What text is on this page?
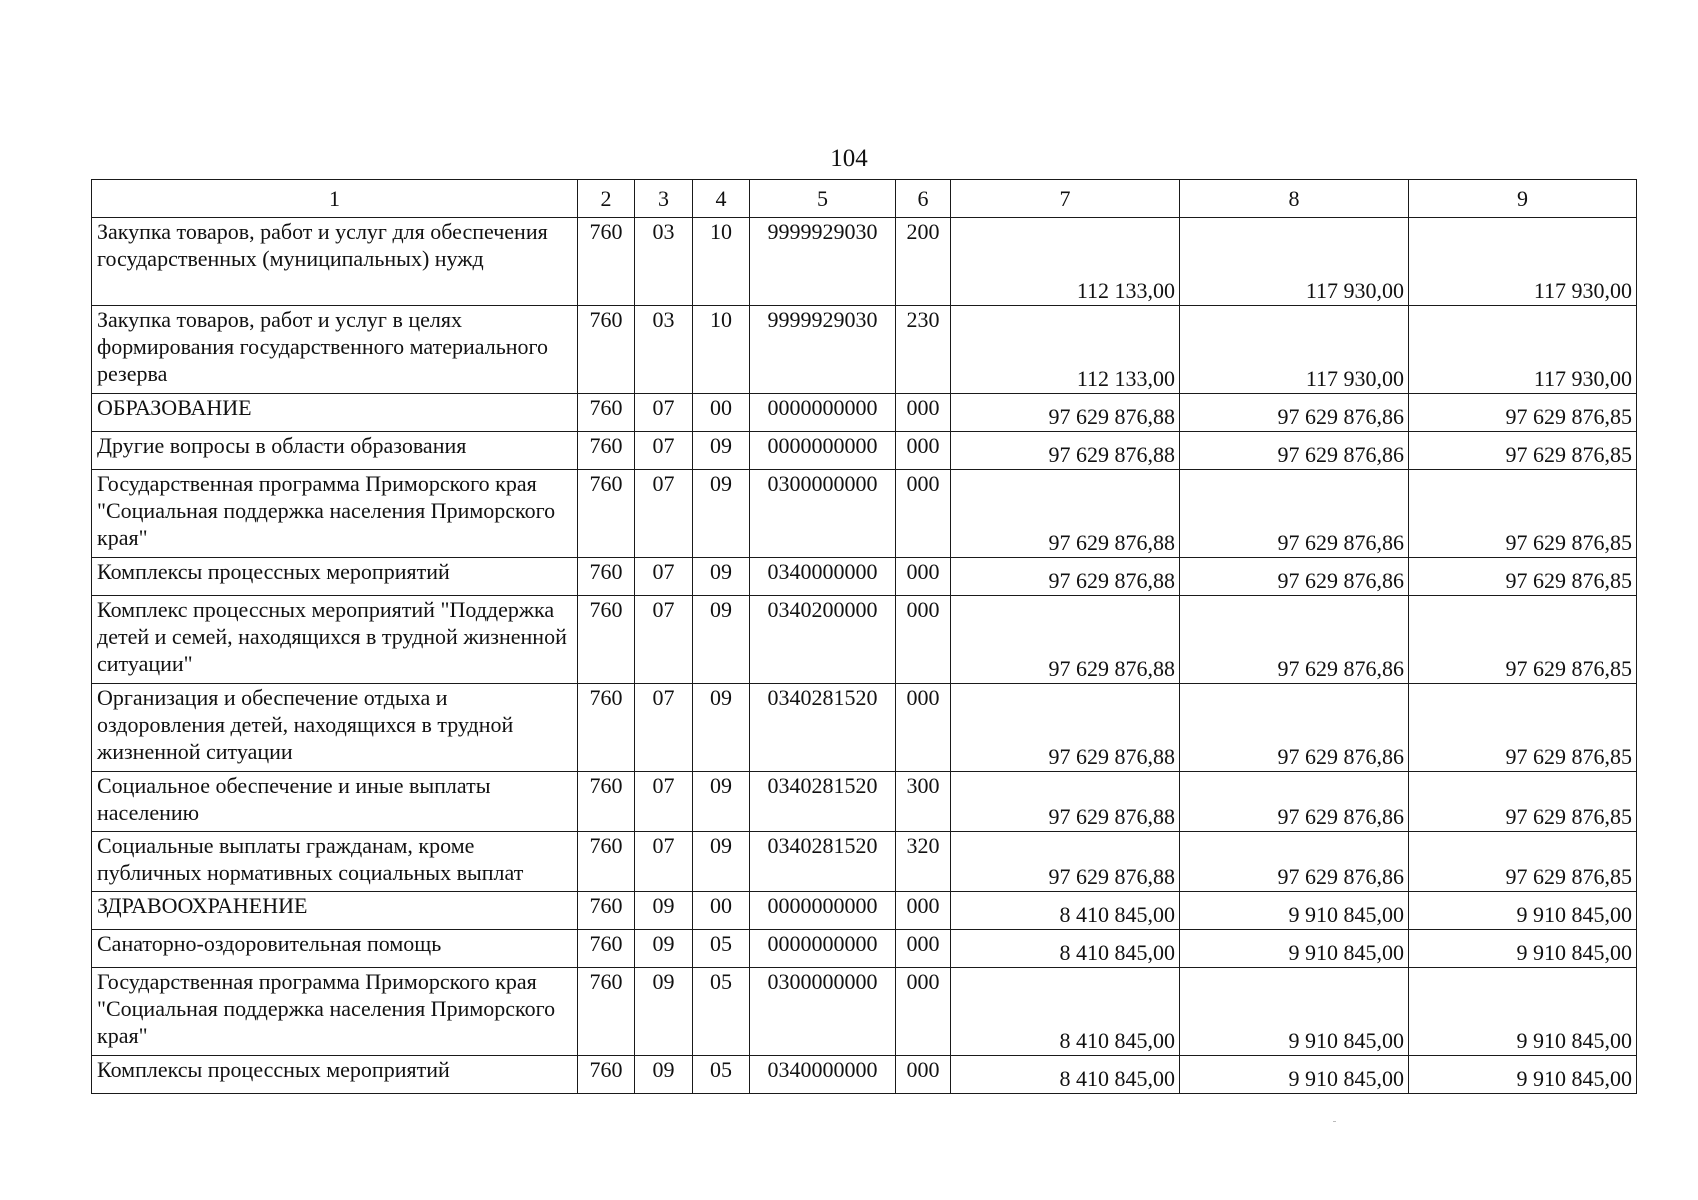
104
1	2	3	4	5	6	7	8	9
Закупка товаров, работ и услуг для обеспечения государственных (муниципальных) нужд	760	03	10	9999929030	200	112 133,00	117 930,00	117 930,00
Закупка товаров, работ и услуг в целях формирования государственного материального резерва	760	03	10	9999929030	230	112 133,00	117 930,00	117 930,00
ОБРАЗОВАНИЕ	760	07	00	0000000000	000	97 629 876,88	97 629 876,86	97 629 876,85
Другие вопросы в области образования	760	07	09	0000000000	000	97 629 876,88	97 629 876,86	97 629 876,85
Государственная программа Приморского края "Социальная поддержка населения Приморского края"	760	07	09	0300000000	000	97 629 876,88	97 629 876,86	97 629 876,85
Комплексы процессных мероприятий	760	07	09	0340000000	000	97 629 876,88	97 629 876,86	97 629 876,85
Комплекс процессных мероприятий "Поддержка детей и семей, находящихся в трудной жизненной ситуации"	760	07	09	0340200000	000	97 629 876,88	97 629 876,86	97 629 876,85
Организация и обеспечение отдыха и оздоровления детей, находящихся в трудной жизненной ситуации	760	07	09	0340281520	000	97 629 876,88	97 629 876,86	97 629 876,85
Социальное обеспечение и иные выплаты населению	760	07	09	0340281520	300	97 629 876,88	97 629 876,86	97 629 876,85
Социальные выплаты гражданам, кроме публичных нормативных социальных выплат	760	07	09	0340281520	320	97 629 876,88	97 629 876,86	97 629 876,85
ЗДРАВООХРАНЕНИЕ	760	09	00	0000000000	000	8 410 845,00	9 910 845,00	9 910 845,00
Санаторно-оздоровительная помощь	760	09	05	0000000000	000	8 410 845,00	9 910 845,00	9 910 845,00
Государственная программа Приморского края "Социальная поддержка населения Приморского края"	760	09	05	0300000000	000	8 410 845,00	9 910 845,00	9 910 845,00
Комплексы процессных мероприятий	760	09	05	0340000000	000	8 410 845,00	9 910 845,00	9 910 845,00
